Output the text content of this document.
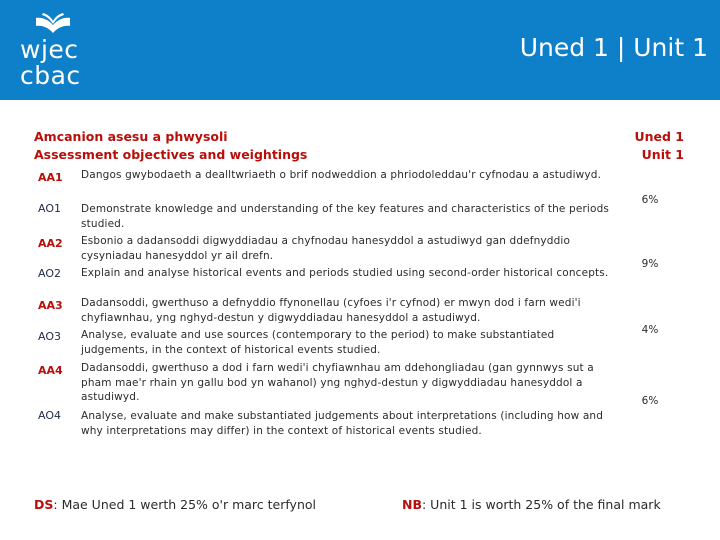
wjec
cbac
Uned 1 | Unit 1
Amcanion asesu a phwysoli
Assessment objectives and weightings
Uned 1
Unit 1
AA1 Dangos gwybodaeth a dealltwriaeth o brif nodweddion a phriodoleddau'r cyfnodau a astudiwyd.
AO1 Demonstrate knowledge and understanding of the key features and characteristics of the periods studied.
6%
AA2 Esbonio a dadansoddi digwyddiadau a chyfnodau hanesyddol a astudiwyd gan ddefnyddio cysyniadau hanesyddol yr ail drefn.
AO2 Explain and analyse historical events and periods studied using second-order historical concepts.
9%
AA3 Dadansoddi, gwerthuso a defnyddio ffynonellau (cyfoes i'r cyfnod) er mwyn dod i farn wedi'i chyfiawnhau, yng nghyd-destun y digwyddiadau hanesyddol a astudiwyd.
AO3 Analyse, evaluate and use sources (contemporary to the period) to make substantiated judgements, in the context of historical events studied.
4%
AA4 Dadansoddi, gwerthuso a dod i farn wedi'i chyfiawnhau am ddehongliadau (gan gynnwys sut a pham mae'r rhain yn gallu bod yn wahanol) yng nghyd-destun y digwyddiadau hanesyddol a astudiwyd.
AO4 Analyse, evaluate and make substantiated judgements about interpretations (including how and why interpretations may differ) in the context of historical events studied.
6%
DS: Mae Uned 1 werth 25% o'r marc terfynol	NB: Unit 1 is worth 25% of the final mark
